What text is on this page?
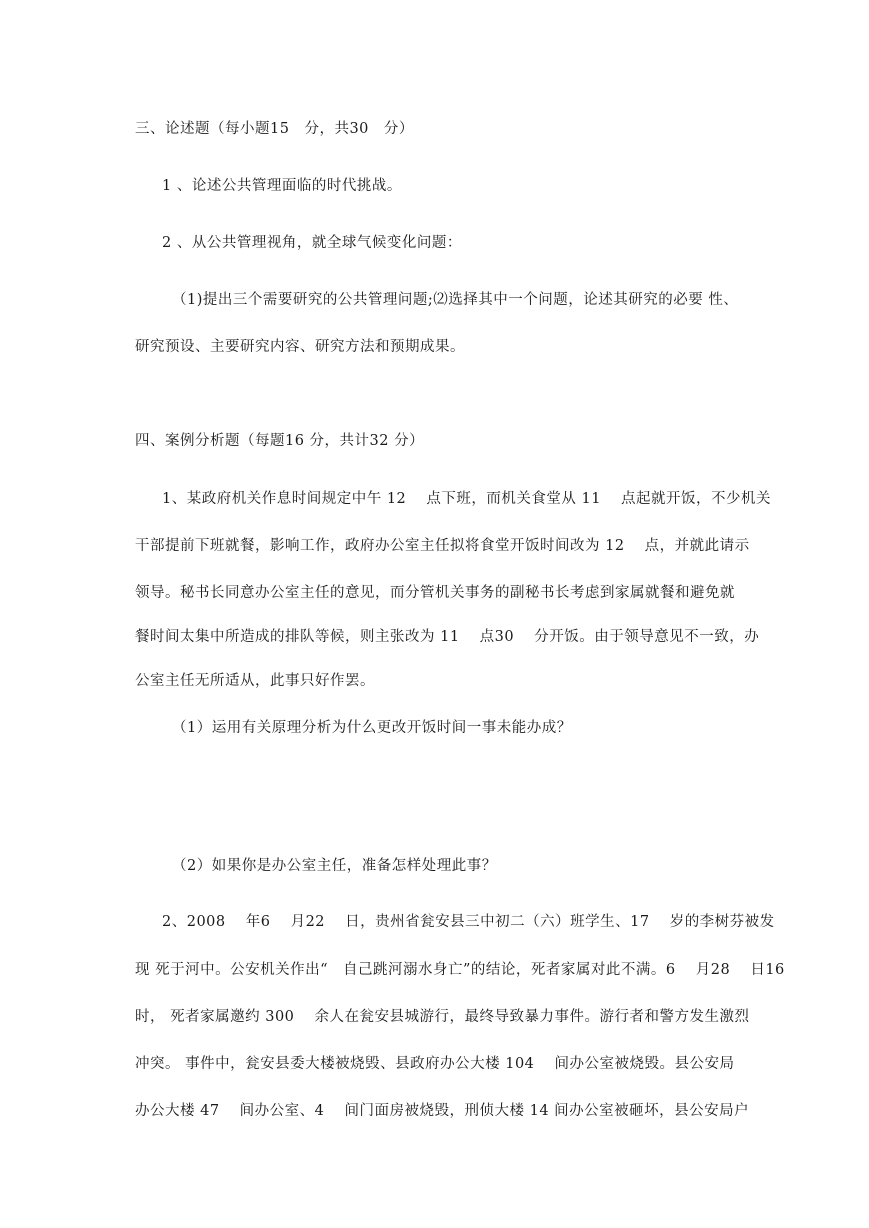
三、论述题（每小题15　分，共30　分）

1 、论述公共管理面临的时代挑战。

2 、从公共管理视角，就全球气候变化问题：

（1)提出三个需要研究的公共管理问题;⑵选择其中一个问题，论述其研究的必要 性、

研究预设、主要研究内容、研究方法和预期成果。

四、案例分析题（每题16 分，共计32 分）

1、某政府机关作息时间规定中午 12　 点下班，而机关食堂从 11　 点起就开饭，不少机关

干部提前下班就餐，影响工作，政府办公室主任拟将食堂开饭时间改为 12　 点，并就此请示

领导。秘书长同意办公室主任的意见，而分管机关事务的副秘书长考虑到家属就餐和避免就

餐时间太集中所造成的排队等候，则主张改为 11　 点30　 分开饭。由于领导意见不一致，办

公室主任无所适从，此事只好作罢。

（1）运用有关原理分析为什么更改开饭时间一事未能办成？

（2）如果你是办公室主任，准备怎样处理此事？

2、2008　 年6　 月22　 日，贵州省瓮安县三中初二（六）班学生、17　 岁的李树芬被发

现 死于河中。公安机关作出“　自己跳河溺水身亡”的结论，死者家属对此不满。6　 月28　 日16

时， 死者家属邀约 300　 余人在瓮安县城游行，最终导致暴力事件。游行者和警方发生激烈

冲突。 事件中，瓮安县委大楼被烧毁、县政府办公大楼 104　 间办公室被烧毁。县公安局

办公大楼 47　 间办公室、4　 间门面房被烧毁，刑侦大楼 14 间办公室被砸坏，县公安局户
